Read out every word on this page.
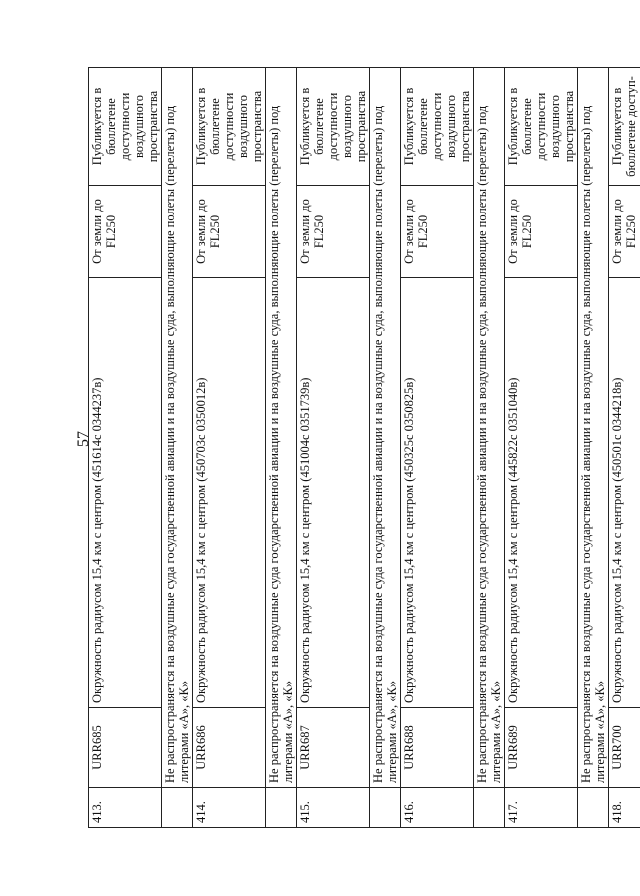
57
413.	URR685	Окружность радиусом 15,4 км с центром (451614с 0344237в)	От земли до FL250	Публикуется в бюллетене доступности воздушного пространства
	Не распространяется на воздушные суда государственной авиации и на воздушные суда, выполняющие полеты (перелеты) под литерами «А», «К»			
414.	URR686	Окружность радиусом 15,4 км с центром (450703с 0350012в)	От земли до FL250	Публикуется в бюллетене доступности воздушного пространства
	Не распространяется на воздушные суда государственной авиации и на воздушные суда, выполняющие полеты (перелеты) под литерами «А», «К»			
415.	URR687	Окружность радиусом 15,4 км с центром (451004с 0351739в)	От земли до FL250	Публикуется в бюллетене доступности воздушного пространства
	Не распространяется на воздушные суда государственной авиации и на воздушные суда, выполняющие полеты (перелеты) под литерами «А», «К»			
416.	URR688	Окружность радиусом 15,4 км с центром (450325с 0350825в)	От земли до FL250	Публикуется в бюллетене доступности воздушного пространства
	Не распространяется на воздушные суда государственной авиации и на воздушные суда, выполняющие полеты (перелеты) под литерами «А», «К»			
417.	URR689	Окружность радиусом 15,4 км с центром (445822с 0351040в)	От земли до FL250	Публикуется в бюллетене доступности воздушного пространства
	Не распространяется на воздушные суда государственной авиации и на воздушные суда, выполняющие полеты (перелеты) под литерами «А», «К»			
418.	URR700	Окружность радиусом 15,4 км с центром (450501с 0344218в)	От земли до FL250	Публикуется в бюллетене доступ-
